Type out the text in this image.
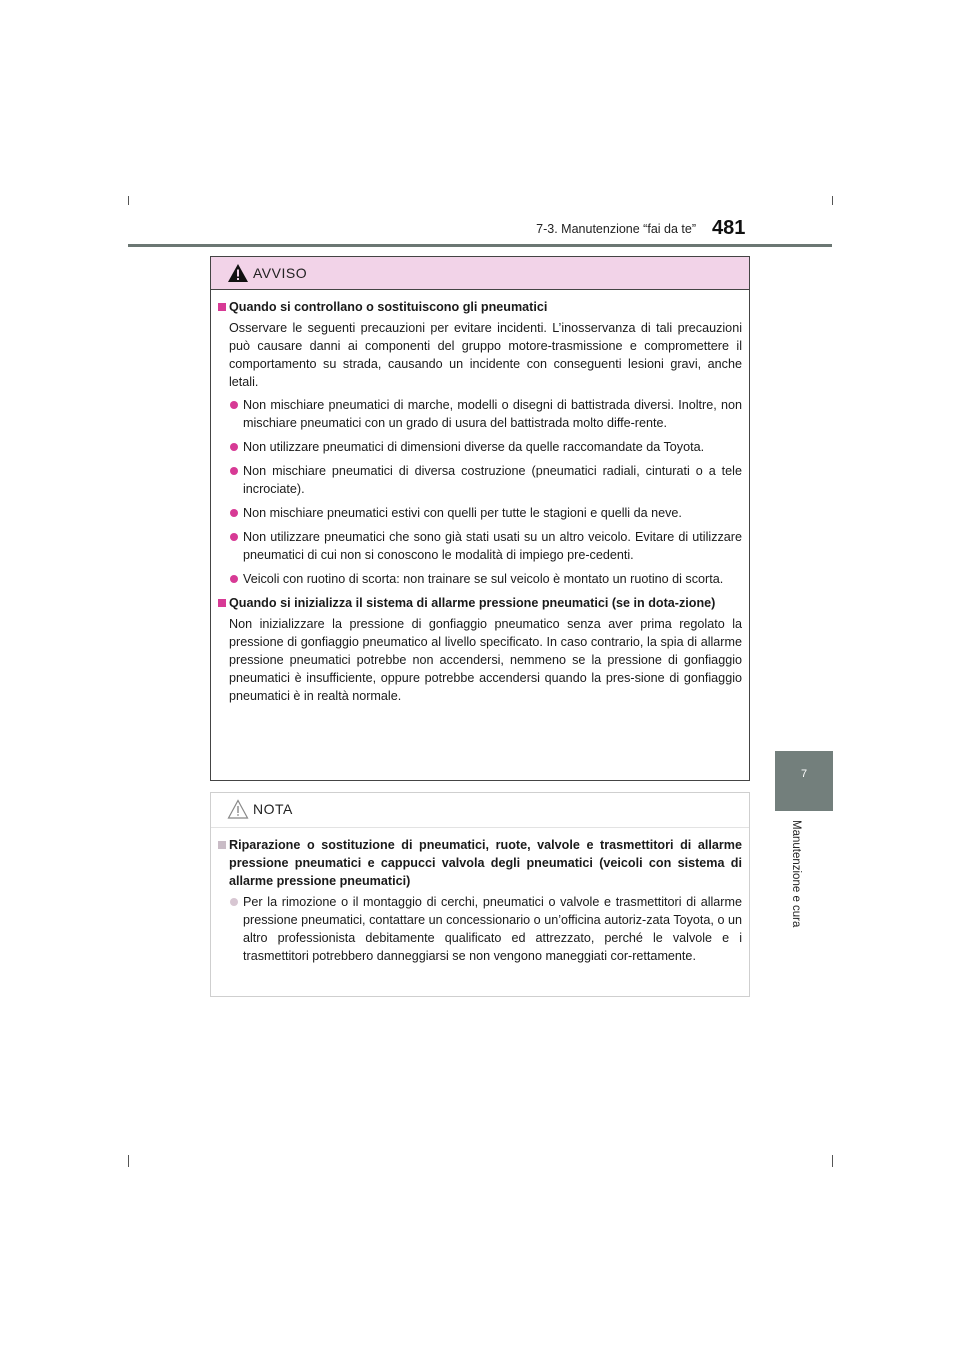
7-3. Manutenzione “fai da te” 481
7
Manutenzione e cura
AVVISO
Quando si controllano o sostituiscono gli pneumatici
Osservare le seguenti precauzioni per evitare incidenti. L’inosservanza di tali precauzioni può causare danni ai componenti del gruppo motore-trasmissione e compromettere il comportamento su strada, causando un incidente con conseguenti lesioni gravi, anche letali.
Non mischiare pneumatici di marche, modelli o disegni di battistrada diversi. Inoltre, non mischiare pneumatici con un grado di usura del battistrada molto diffe-rente.
Non utilizzare pneumatici di dimensioni diverse da quelle raccomandate da Toyota.
Non mischiare pneumatici di diversa costruzione (pneumatici radiali, cinturati o a tele incrociate).
Non mischiare pneumatici estivi con quelli per tutte le stagioni e quelli da neve.
Non utilizzare pneumatici che sono già stati usati su un altro veicolo. Evitare di utilizzare pneumatici di cui non si conoscono le modalità di impiego pre-cedenti.
Veicoli con ruotino di scorta: non trainare se sul veicolo è montato un ruotino di scorta.
Quando si inizializza il sistema di allarme pressione pneumatici (se in dota-zione)
Non inizializzare la pressione di gonfiaggio pneumatico senza aver prima regolato la pressione di gonfiaggio pneumatico al livello specificato. In caso contrario, la spia di allarme pressione pneumatici potrebbe non accendersi, nemmeno se la pressione di gonfiaggio pneumatici è insufficiente, oppure potrebbe accendersi quando la pres-sione di gonfiaggio pneumatici è in realtà normale.
NOTA
Riparazione o sostituzione di pneumatici, ruote, valvole e trasmettitori di allarme pressione pneumatici e cappucci valvola degli pneumatici (veicoli con sistema di allarme pressione pneumatici)
Per la rimozione o il montaggio di cerchi, pneumatici o valvole e trasmettitori di allarme pressione pneumatici, contattare un concessionario o un’officina autoriz-zata Toyota, o un altro professionista debitamente qualificato ed attrezzato, perché le valvole e i trasmettitori potrebbero danneggiarsi se non vengono maneggiati cor-rettamente.
